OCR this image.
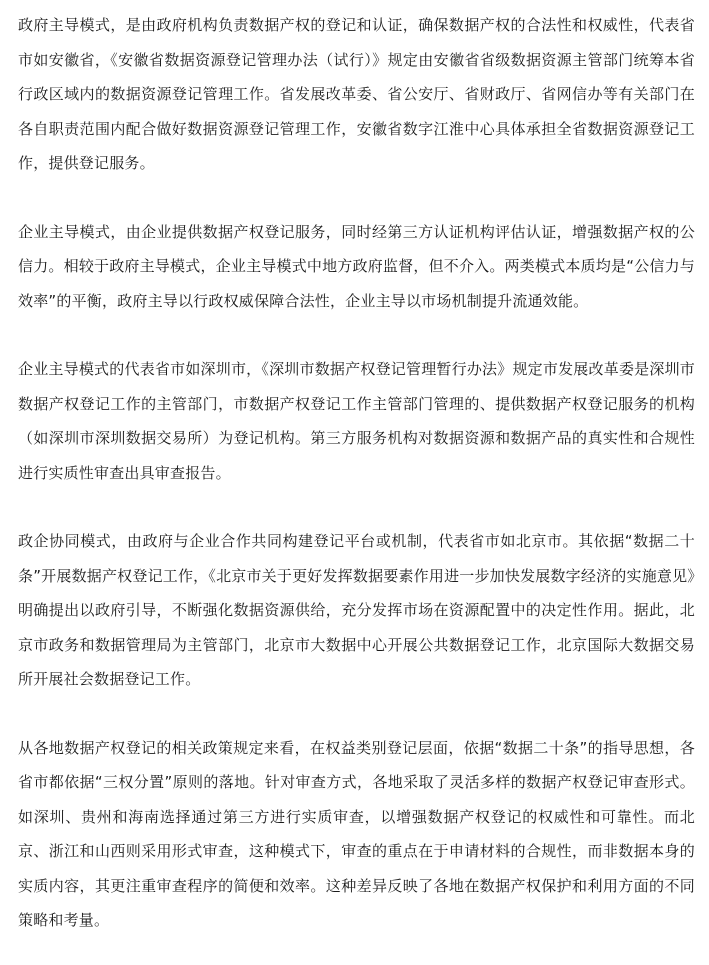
政府主导模式，是由政府机构负责数据产权的登记和认证，确保数据产权的合法性和权威性，代表省市如安徽省，《安徽省数据资源登记管理办法（试行）》规定由安徽省省级数据资源主管部门统筹本省行政区域内的数据资源登记管理工作。省发展改革委、省公安厅、省财政厅、省网信办等有关部门在各自职责范围内配合做好数据资源登记管理工作，安徽省数字江淮中心具体承担全省数据资源登记工作，提供登记服务。

企业主导模式，由企业提供数据产权登记服务，同时经第三方认证机构评估认证，增强数据产权的公信力。相较于政府主导模式，企业主导模式中地方政府监督，但不介入。两类模式本质均是“公信力与效率”的平衡，政府主导以行政权威保障合法性，企业主导以市场机制提升流通效能。

企业主导模式的代表省市如深圳市，《深圳市数据产权登记管理暂行办法》规定市发展改革委是深圳市数据产权登记工作的主管部门，市数据产权登记工作主管部门管理的、提供数据产权登记服务的机构（如深圳市深圳数据交易所）为登记机构。第三方服务机构对数据资源和数据产品的真实性和合规性进行实质性审查出具审查报告。

政企协同模式，由政府与企业合作共同构建登记平台或机制，代表省市如北京市。其依据“数据二十条”开展数据产权登记工作，《北京市关于更好发挥数据要素作用进一步加快发展数字经济的实施意见》明确提出以政府引导，不断强化数据资源供给，充分发挥市场在资源配置中的决定性作用。据此，北京市政务和数据管理局为主管部门，北京市大数据中心开展公共数据登记工作，北京国际大数据交易所开展社会数据登记工作。

从各地数据产权登记的相关政策规定来看，在权益类别登记层面，依据“数据二十条”的指导思想，各省市都依据“三权分置”原则的落地。针对审查方式，各地采取了灵活多样的数据产权登记审查形式。如深圳、贵州和海南选择通过第三方进行实质审查，以增强数据产权登记的权威性和可靠性。而北京、浙江和山西则采用形式审查，这种模式下，审查的重点在于申请材料的合规性，而非数据本身的实质内容，其更注重审查程序的简便和效率。这种差异反映了各地在数据产权保护和利用方面的不同策略和考量。
